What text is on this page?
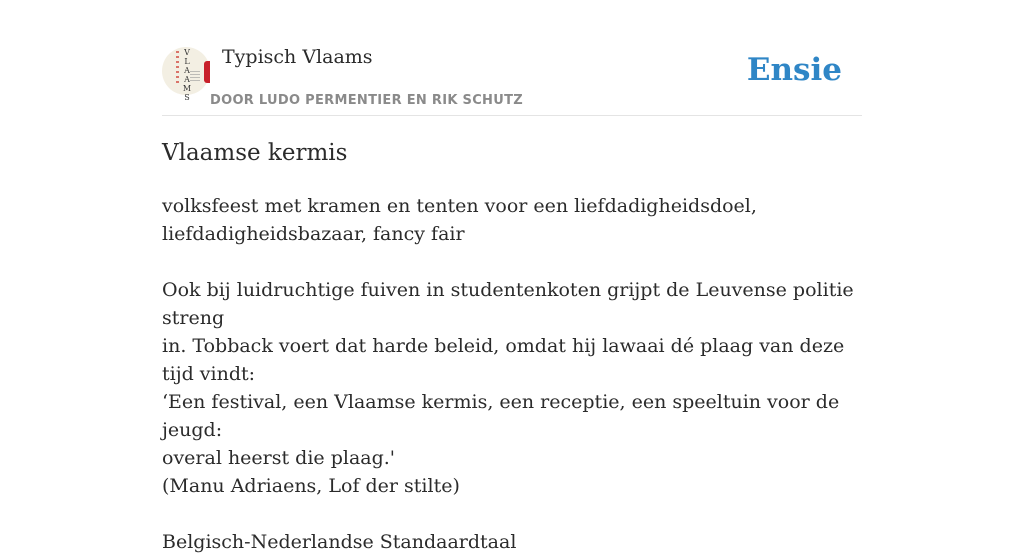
V
L
A
A
M
S
Typisch Vlaams
DOOR LUDO PERMENTIER EN RIK SCHUTZ
Ensie
Vlaamse kermis

volksfeest met kramen en tenten voor een liefdadigheidsdoel,

liefdadigheidsbazaar, fancy fair

Ook bij luidruchtige fuiven in studentenkoten grijpt de Leuvense politie streng

in. Tobback voert dat harde beleid, omdat hij lawaai dé plaag van deze tijd vindt:

‘Een festival, een Vlaamse kermis, een receptie, een speeltuin voor de jeugd:

overal heerst die plaag.'

(Manu Adriaens, Lof der stilte)

Belgisch-Nederlandse Standaardtaal
